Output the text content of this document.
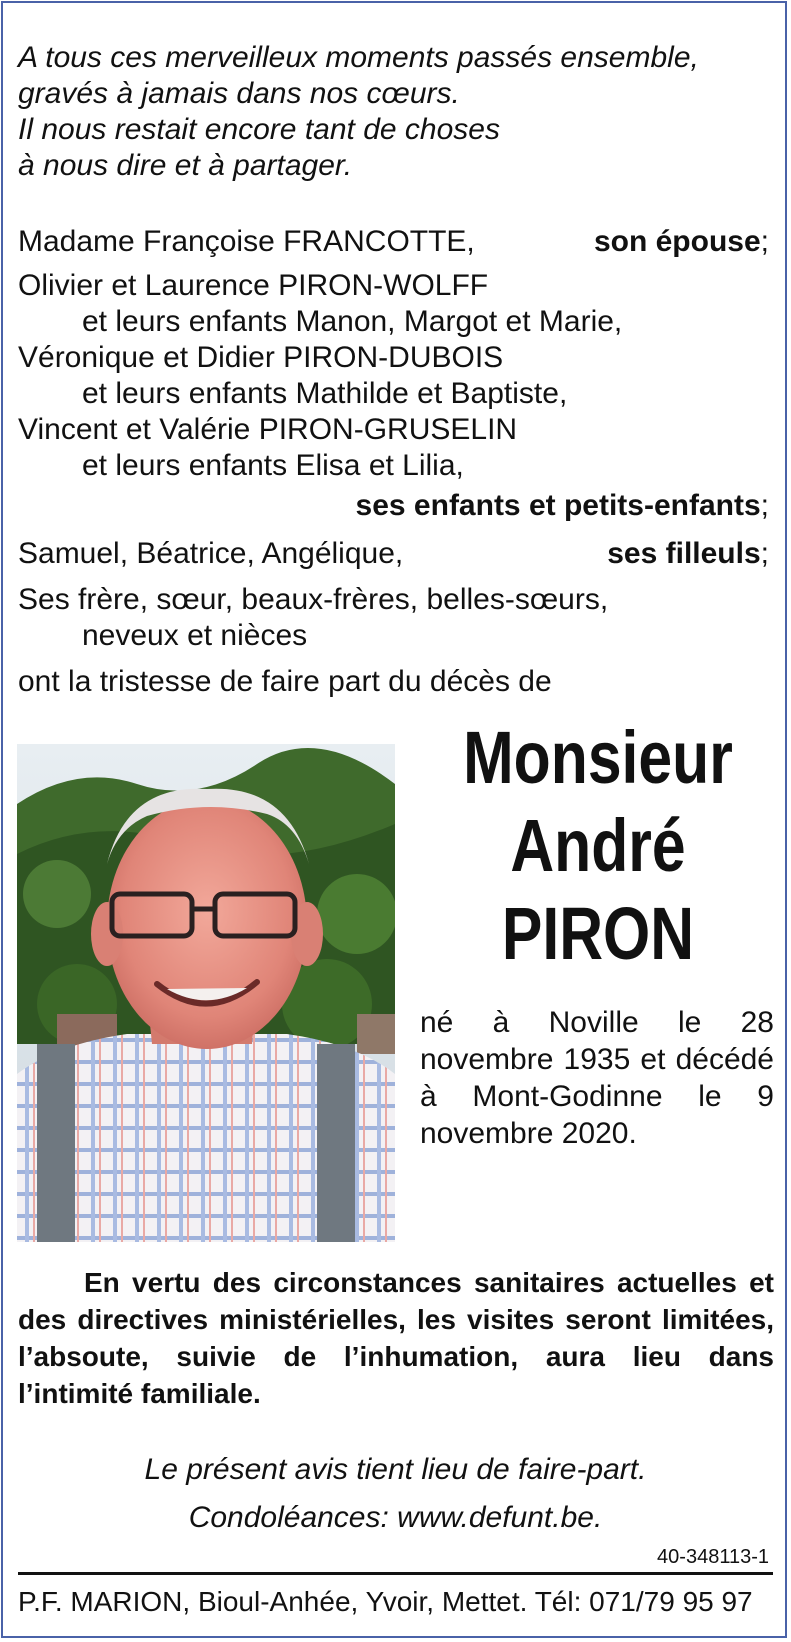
A tous ces merveilleux moments passés ensemble,
gravés à jamais dans nos cœurs.
Il nous restait encore tant de choses
à nous dire et à partager.
Madame Françoise FRANCOTTE,	son épouse;
Olivier et Laurence PIRON-WOLFF
et leurs enfants Manon, Margot et Marie,
Véronique et Didier PIRON-DUBOIS
et leurs enfants Mathilde et Baptiste,
Vincent et Valérie PIRON-GRUSELIN
et leurs enfants Elisa et Lilia,
ses enfants et petits-enfants;
Samuel, Béatrice, Angélique,	ses filleuls;
Ses frère, sœur, beaux-frères, belles-sœurs,
neveux et nièces
ont la tristesse de faire part du décès de
Monsieur
André
PIRON
né à Noville le 28 novembre 1935 et décédé à Mont-Godinne le 9 novembre 2020.
En vertu des circonstances sanitaires actuelles et des directives ministérielles, les visites seront limitées, l’absoute, suivie de l’inhumation, aura lieu dans l’intimité familiale.
Le présent avis tient lieu de faire-part.
Condoléances: www.defunt.be.
40-348113-1
P.F. MARION, Bioul-Anhée, Yvoir, Mettet. Tél: 071/79 95 97
